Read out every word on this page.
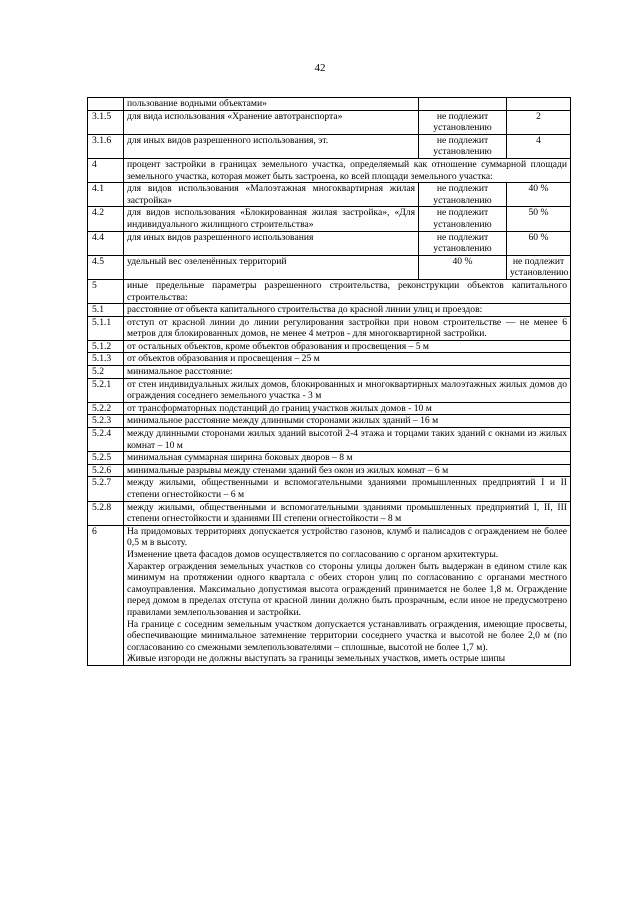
42
	пользование водными объектами»		
3.1.5	для вида использования «Хранение автотранспорта»	не подлежит установлению	2
3.1.6	для иных видов разрешенного использования, эт.	не подлежит установлению	4
4	процент застройки в границах земельного участка, определяемый как отношение суммарной площади земельного участка, которая может быть застроена, ко всей площади земельного участка:		
4.1	для видов использования «Малоэтажная многоквартирная жилая застройка»	не подлежит установлению	40 %
4.2	для видов использования «Блокированная жилая застройка», «Для индивидуального жилищного строительства»	не подлежит установлению	50 %
4.4	для иных видов разрешенного использования	не подлежит установлению	60 %
4.5	удельный вес озеленённых территорий	40 %	не подлежит установлению
5	иные предельные параметры разрешенного строительства, реконструкции объектов капитального строительства:		
5.1	расстояние от объекта капитального строительства до красной линии улиц и проездов:		
5.1.1	отступ от красной линии до линии регулирования застройки при новом строительстве — не менее 6 метров для блокированных домов, не менее 4 метров - для многоквартирной застройки.		
5.1.2	от остальных объектов, кроме объектов образования и просвещения – 5 м		
5.1.3	от объектов образования и просвещения – 25 м		
5.2	минимальное расстояние:		
5.2.1	от стен индивидуальных жилых домов, блокированных и многоквартирных малоэтажных жилых домов до ограждения соседнего земельного участка - 3 м		
5.2.2	от трансформаторных подстанций до границ участков жилых домов - 10 м		
5.2.3	минимальное расстояние между длинными сторонами жилых зданий – 16 м		
5.2.4	между длинными сторонами жилых зданий высотой 2-4 этажа и торцами таких зданий с окнами из жилых комнат – 10 м		
5.2.5	минимальная суммарная ширина боковых дворов – 8 м		
5.2.6	минимальные разрывы между стенами зданий без окон из жилых комнат – 6 м		
5.2.7	между жилыми, общественными и вспомогательными зданиями промышленных предприятий I и II степени огнестойкости – 6 м		
5.2.8	между жилыми, общественными и вспомогательными зданиями промышленных предприятий I, II, III степени огнестойкости и зданиями III степени огнестойкости – 8 м		
6	На придомовых территориях допускается устройство газонов, клумб и палисадов с ограждением не более 0,5 м в высоту.

Изменение цвета фасадов домов осуществляется по согласованию с органом архитектуры.

Характер ограждения земельных участков со стороны улицы должен быть выдержан в едином стиле как минимум на протяжении одного квартала с обеих сторон улиц по согласованию с органами местного самоуправления. Максимально допустимая высота ограждений принимается не более 1,8 м. Ограждение перед домом в пределах отступа от красной линии должно быть прозрачным, если иное не предусмотрено правилами землепользования и застройки.

На границе с соседним земельным участком допускается устанавливать ограждения, имеющие просветы, обеспечивающие минимальное затемнение территории соседнего участка и высотой не более 2,0 м (по согласованию со смежными землепользователями – сплошные, высотой не более 1,7 м).

Живые изгороди не должны выступать за границы земельных участков, иметь острые шипы		
